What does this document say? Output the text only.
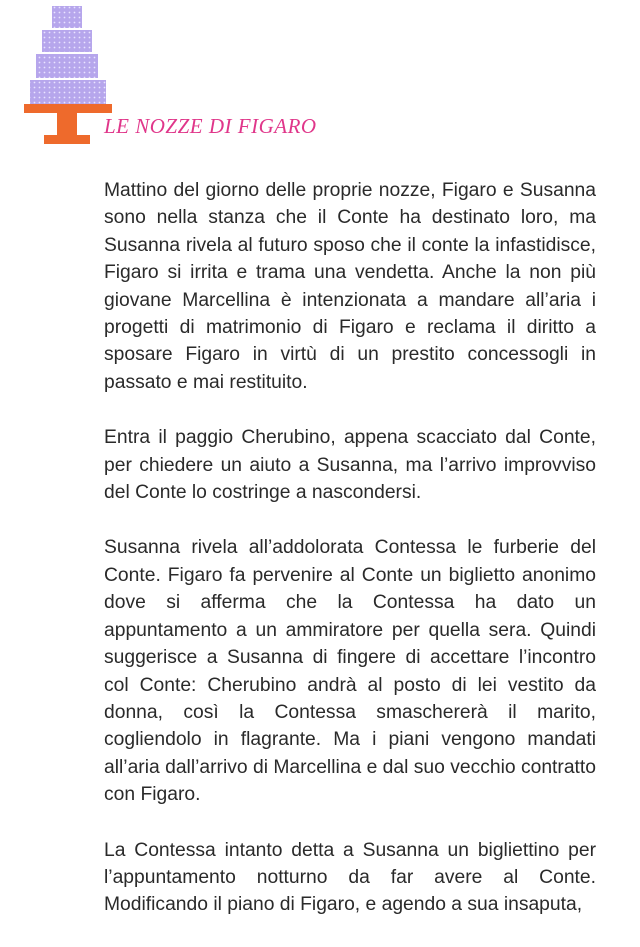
LE NOZZE DI FIGARO

Mattino del giorno delle proprie nozze, Figaro e Susanna sono nella stanza che il Conte ha destinato loro, ma Susanna rivela al futuro sposo che il conte la infastidisce, Figaro si irrita e trama una vendetta. Anche la non più giovane Marcellina è intenzionata a mandare all’aria i progetti di matrimonio di Figaro e reclama il diritto a sposare Figaro in virtù di un prestito concessogli in passato e mai restituito.

Entra il paggio Cherubino, appena scacciato dal Conte, per chiedere un aiuto a Susanna, ma l’arrivo improvviso del Conte lo costringe a nascondersi.

Susanna rivela all’addolorata Contessa le furberie del Conte. Figaro fa pervenire al Conte un biglietto anonimo dove si afferma che la Contessa ha dato un appuntamento a un ammiratore per quella sera. Quindi suggerisce a Susanna di fingere di accettare l’incontro col Conte: Cherubino andrà al posto di lei vestito da donna, così la Contessa smaschererà il marito, cogliendolo in flagrante. Ma i piani vengono mandati all’aria dall’arrivo di Marcellina e dal suo vecchio contratto con Figaro.

La Contessa intanto detta a Susanna un bigliettino per l’appuntamento notturno da far avere al Conte. Modificando il piano di Figaro, e agendo a sua insaputa,
